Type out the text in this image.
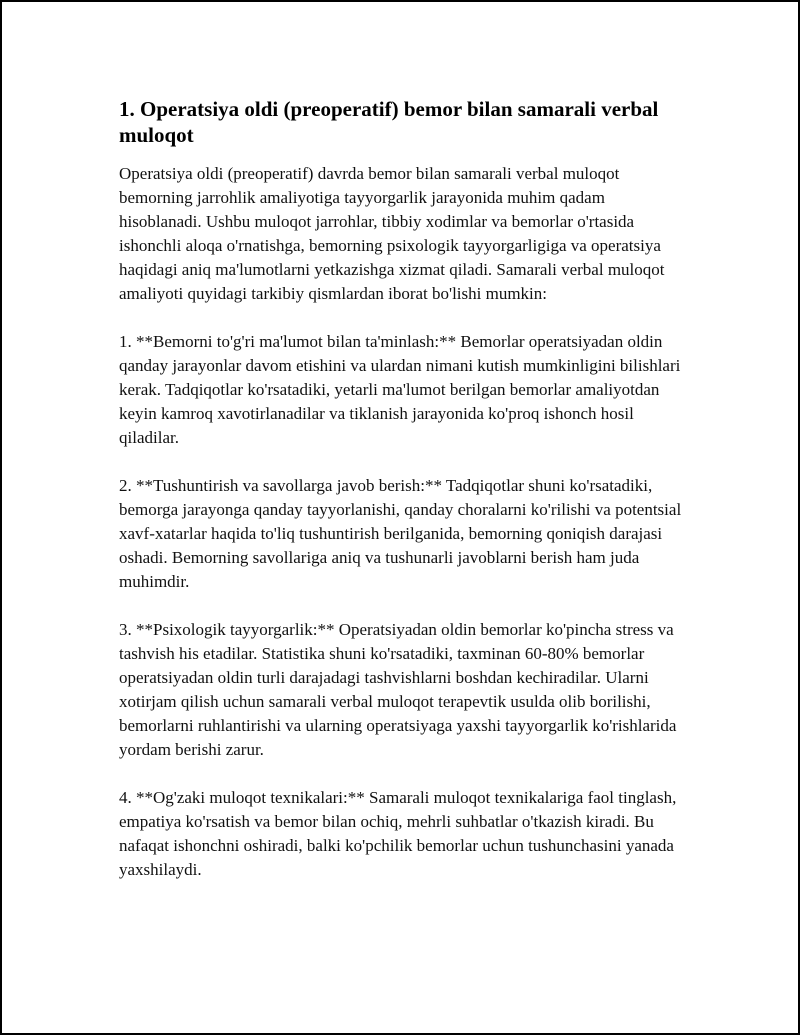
1. Operatsiya oldi (preoperatif) bemor bilan samarali verbal muloqot

Operatsiya oldi (preoperatif) davrda bemor bilan samarali verbal muloqot bemorning jarrohlik amaliyotiga tayyorgarlik jarayonida muhim qadam hisoblanadi. Ushbu muloqot jarrohlar, tibbiy xodimlar va bemorlar o'rtasida ishonchli aloqa o'rnatishga, bemorning psixologik tayyorgarligiga va operatsiya haqidagi aniq ma'lumotlarni yetkazishga xizmat qiladi. Samarali verbal muloqot amaliyoti quyidagi tarkibiy qismlardan iborat bo'lishi mumkin:

1. **Bemorni to'g'ri ma'lumot bilan ta'minlash:** Bemorlar operatsiyadan oldin qanday jarayonlar davom etishini va ulardan nimani kutish mumkinligini bilishlari kerak. Tadqiqotlar ko'rsatadiki, yetarli ma'lumot berilgan bemorlar amaliyotdan keyin kamroq xavotirlanadilar va tiklanish jarayonida ko'proq ishonch hosil qiladilar.

2. **Tushuntirish va savollarga javob berish:** Tadqiqotlar shuni ko'rsatadiki, bemorga jarayonga qanday tayyorlanishi, qanday choralarni ko'rilishi va potentsial xavf-xatarlar haqida to'liq tushuntirish berilganida, bemorning qoniqish darajasi oshadi. Bemorning savollariga aniq va tushunarli javoblarni berish ham juda muhimdir.

3. **Psixologik tayyorgarlik:** Operatsiyadan oldin bemorlar ko'pincha stress va tashvish his etadilar. Statistika shuni ko'rsatadiki, taxminan 60-80% bemorlar operatsiyadan oldin turli darajadagi tashvishlarni boshdan kechiradilar. Ularni xotirjam qilish uchun samarali verbal muloqot terapevtik usulda olib borilishi, bemorlarni ruhlantirishi va ularning operatsiyaga yaxshi tayyorgarlik ko'rishlarida yordam berishi zarur.

4. **Og'zaki muloqot texnikalari:** Samarali muloqot texnikalariga faol tinglash, empatiya ko'rsatish va bemor bilan ochiq, mehrli suhbatlar o'tkazish kiradi. Bu nafaqat ishonchni oshiradi, balki ko'pchilik bemorlar uchun tushunchasini yanada yaxshilaydi.
